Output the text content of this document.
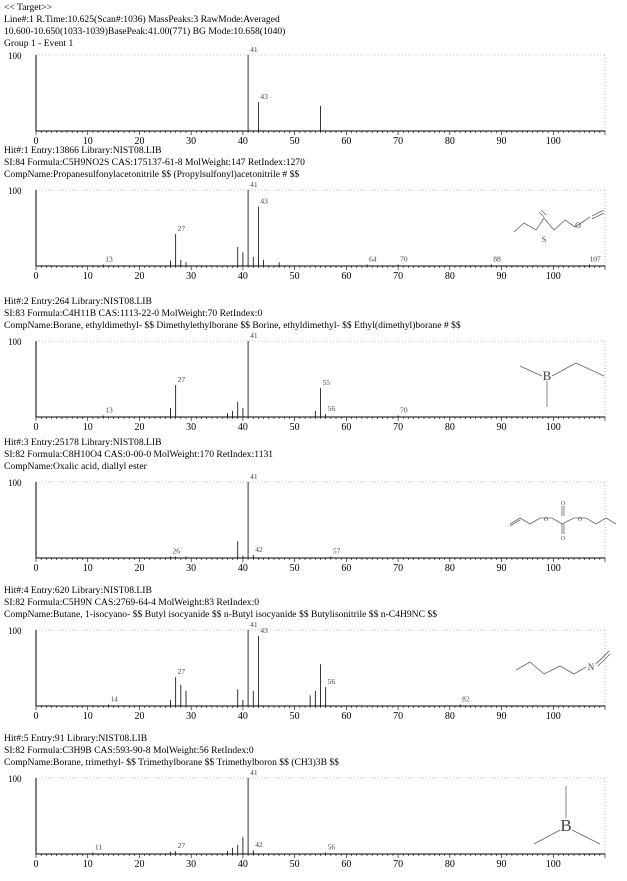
<< Target>>
Line#:1 R.Time:10.625(Scan#:1036) MassPeaks:3 RawMode:Averaged
10.600-10.650(1033-1039)BasePeak:41.00(771) BG Mode:10.658(1040)
Group 1 - Event 1
100
0	10	20	30	40	50	60	70	80	90	100
41
43
Hit#:1 Entry:13866 Library:NIST08.LIB
SI:84 Formula:C5H9NO2S CAS:175137-61-8 MolWeight:147 RetIndex:1270
CompName:Propanesulfonylacetonitrile $$ (Propylsulfonyl)acetonitrile # $$
100
0	10	20	30	40	50	60	70	80	90	100
13
27
41
43
64	70	88	107
S
O
Hit#:2 Entry:264 Library:NIST08.LIB
SI:83 Formula:C4H11B CAS:1113-22-0 MolWeight:70 RetIndex:0
CompName:Borane, ethyldimethyl- $$ Dimethylethylborane $$ Borine, ethyldimethyl- $$ Ethyl(dimethyl)borane # $$
100
0	10	20	30	40	50	60	70	80	90	100
13
27
41
55
56	70
B
Hit#:3 Entry:25178 Library:NIST08.LIB
SI:82 Formula:C8H10O4 CAS:0-00-0 MolWeight:170 RetIndex:1131
CompName:Oxalic acid, diallyl ester
100
0	10	20	30	40	50	60	70	80	90	100
26
41
42	57
O
O
O
O
Hit#:4 Entry:620 Library:NIST08.LIB
SI:82 Formula:C5H9N CAS:2769-64-4 MolWeight:83 RetIndex:0
CompName:Butane, 1-isocyano- $$ Butyl isocyanide $$ n-Butyl isocyanide $$ Butylisonitrile $$ n-C4H9NC $$
100
0	10	20	30	40	50	60	70	80	90	100
14
27
41
43
56
82
N
Hit#:5 Entry:91 Library:NIST08.LIB
SI:82 Formula:C3H9B CAS:593-90-8 MolWeight:56 RetIndex:0
CompName:Borane, trimethyl- $$ Trimethylborane $$ Trimethylboron $$ (CH3)3B $$
100
0	10	20	30	40	50	60	70	80	90	100
11	27
41
42	56
B
